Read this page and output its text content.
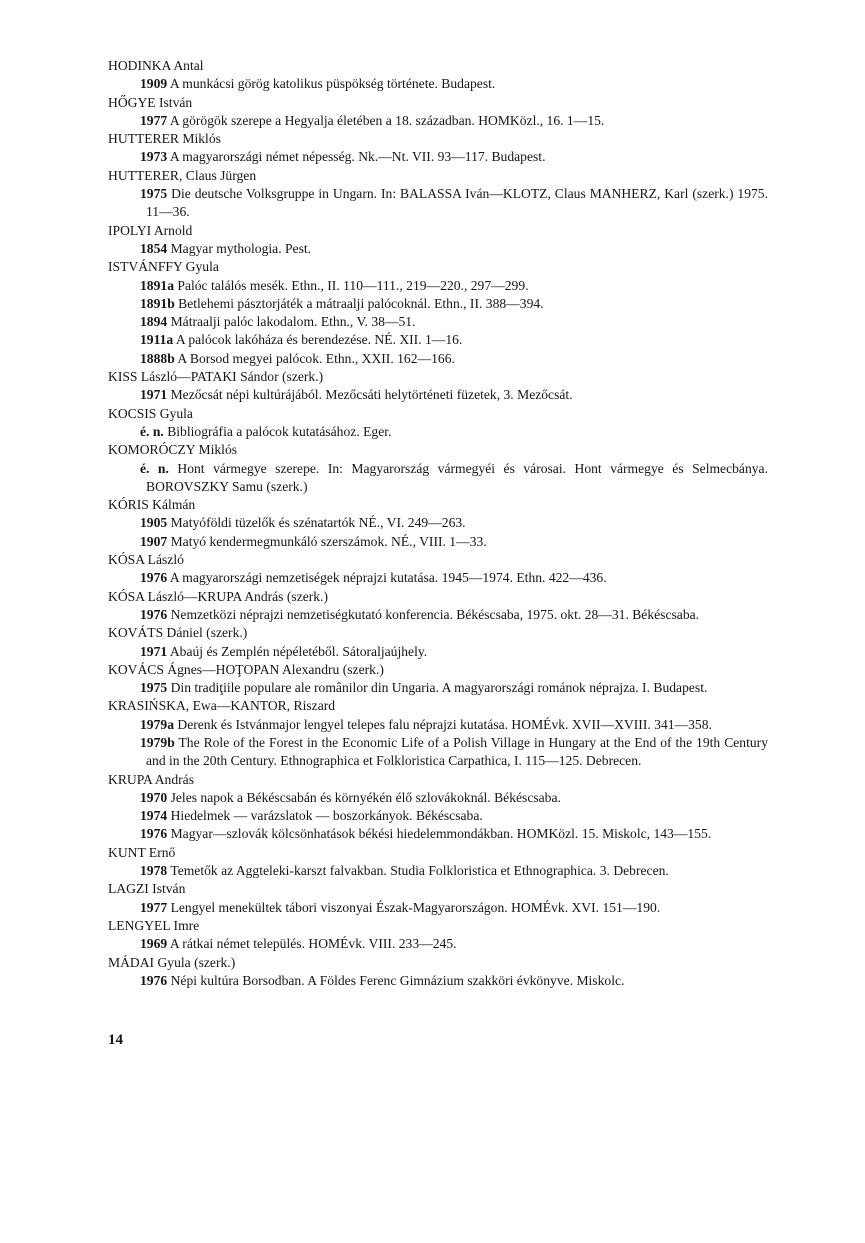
HODINKA Antal
1909 A munkácsi görög katolikus püspökség története. Budapest.
HŐGYE István
1977 A görögök szerepe a Hegyalja életében a 18. században. HOMKözl., 16. 1—15.
HUTTERER Miklós
1973 A magyarországi német népesség. Nk.—Nt. VII. 93—117. Budapest.
HUTTERER, Claus Jürgen
1975 Die deutsche Volksgruppe in Ungarn. In: BALASSA Iván—KLOTZ, Claus MANHERZ, Karl (szerk.) 1975. 11—36.
IPOLYI Arnold
1854 Magyar mythologia. Pest.
ISTVÁNFFY Gyula
1891a Palóc találós mesék. Ethn., II. 110—111., 219—220., 297—299.
1891b Betlehemi pásztorjáték a mátraalji palócoknál. Ethn., II. 388—394.
1894 Mátraalji palóc lakodalom. Ethn., V. 38—51.
1911a A palócok lakóháza és berendezése. NÉ. XII. 1—16.
1888b A Borsod megyei palócok. Ethn., XXII. 162—166.
KISS László—PATAKI Sándor (szerk.)
1971 Mezőcsát népi kultúrájából. Mezőcsáti helytörténeti füzetek, 3. Mezőcsát.
KOCSIS Gyula
é. n. Bibliográfia a palócok kutatásához. Eger.
KOMORÓCZY Miklós
é. n. Hont vármegye szerepe. In: Magyarország vármegyéi és városai. Hont vármegye és Selmecbánya. BOROVSZKY Samu (szerk.)
KÓRIS Kálmán
1905 Matyóföldi tüzelők és szénatartók NÉ., VI. 249—263.
1907 Matyó kendermegmunkáló szerszámok. NÉ., VIII. 1—33.
KÓSA László
1976 A magyarországi nemzetiségek néprajzi kutatása. 1945—1974. Ethn. 422—436.
KÓSA László—KRUPA András (szerk.)
1976 Nemzetközi néprajzi nemzetiségkutató konferencia. Békéscsaba, 1975. okt. 28—31. Békéscsaba.
KOVÁTS Dániel (szerk.)
1971 Abaúj és Zemplén népéletéből. Sátoraljaújhely.
KOVÁCS Ágnes—HOŢOPAN Alexandru (szerk.)
1975 Din tradiţiile populare ale românilor din Ungaria. A magyarországi románok néprajza. I. Budapest.
KRASIŃSKA, Ewa—KANTOR, Riszard
1979a Derenk és Istvánmajor lengyel telepes falu néprajzi kutatása. HOMÉvk. XVII—XVIII. 341—358.
1979b The Role of the Forest in the Economic Life of a Polish Village in Hungary at the End of the 19th Century and in the 20th Century. Ethnographica et Folkloristica Carpathica, I. 115—125. Debrecen.
KRUPA András
1970 Jeles napok a Békéscsabán és környékén élő szlovákoknál. Békéscsaba.
1974 Hiedelmek — varázslatok — boszorkányok. Békéscsaba.
1976 Magyar—szlovák kölcsönhatások békési hiedelemmondákban. HOMKözl. 15. Miskolc, 143—155.
KUNT Ernő
1978 Temetők az Aggteleki-karszt falvakban. Studia Folkloristica et Ethnographica. 3. Debrecen.
LAGZI István
1977 Lengyel menekültek tábori viszonyai Észak-Magyarországon. HOMÉvk. XVI. 151—190.
LENGYEL Imre
1969 A rátkai német település. HOMÉvk. VIII. 233—245.
MÁDAI Gyula (szerk.)
1976 Népi kultúra Borsodban. A Földes Ferenc Gimnázium szakköri évkönyve. Miskolc.
14
